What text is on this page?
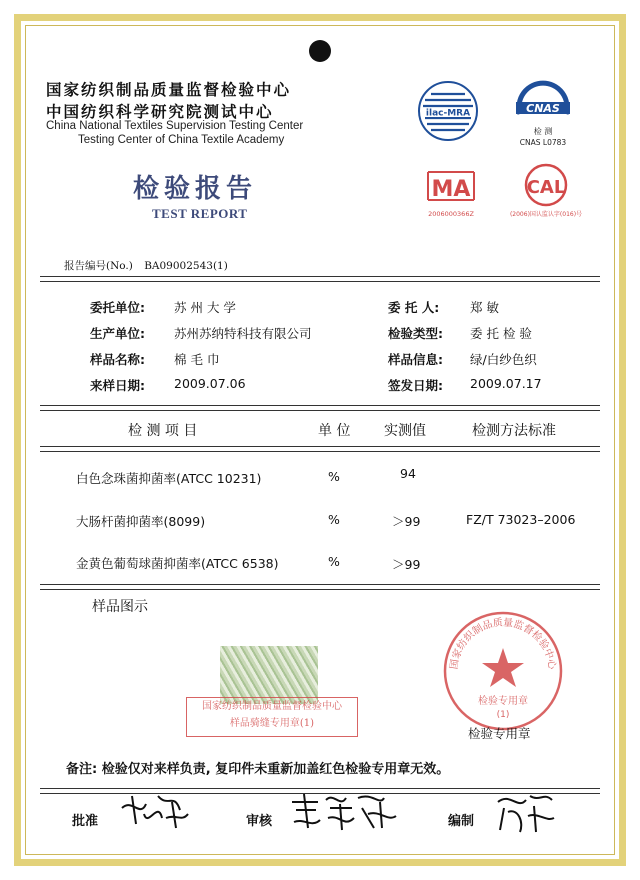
国家纺织制品质量监督检验中心
中国纺织科学研究院测试中心
China National Textiles Supervision Testing Center
Testing Center of China Textile Academy
检验报告
TEST REPORT
ilac-MRA	CNAS
检 测
CNAS L0783
MA
2006000366Z
CAL
(2006)国认监认字(016)号
报告编号(No.) BA09002543(1)
委托单位: 苏 州 大 学
生产单位: 苏州苏纳特科技有限公司
样品名称: 棉 毛 巾
来样日期: 2009.07.06
委 托 人: 郑 敏
检验类型: 委 托 检 验
样品信息: 绿/白纱色织
签发日期: 2009.07.17
检 测 项 目	单 位 实测值	检测方法标准
白色念珠菌抑菌率(ATCC 10231)	%	94
大肠杆菌抑菌率(8099)	%	＞99	FZ/T 73023–2006
金黄色葡萄球菌抑菌率(ATCC 6538)	%	＞99
样品图示
国家纺织制品质量监督检验中心
样品骑缝专用章(1)
国家纺织制品质量监督检验中心
检验专用章
(1)
检验专用章
备注: 检验仅对来样负责, 复印件未重新加盖红色检验专用章无效。
批准	审核	编制
